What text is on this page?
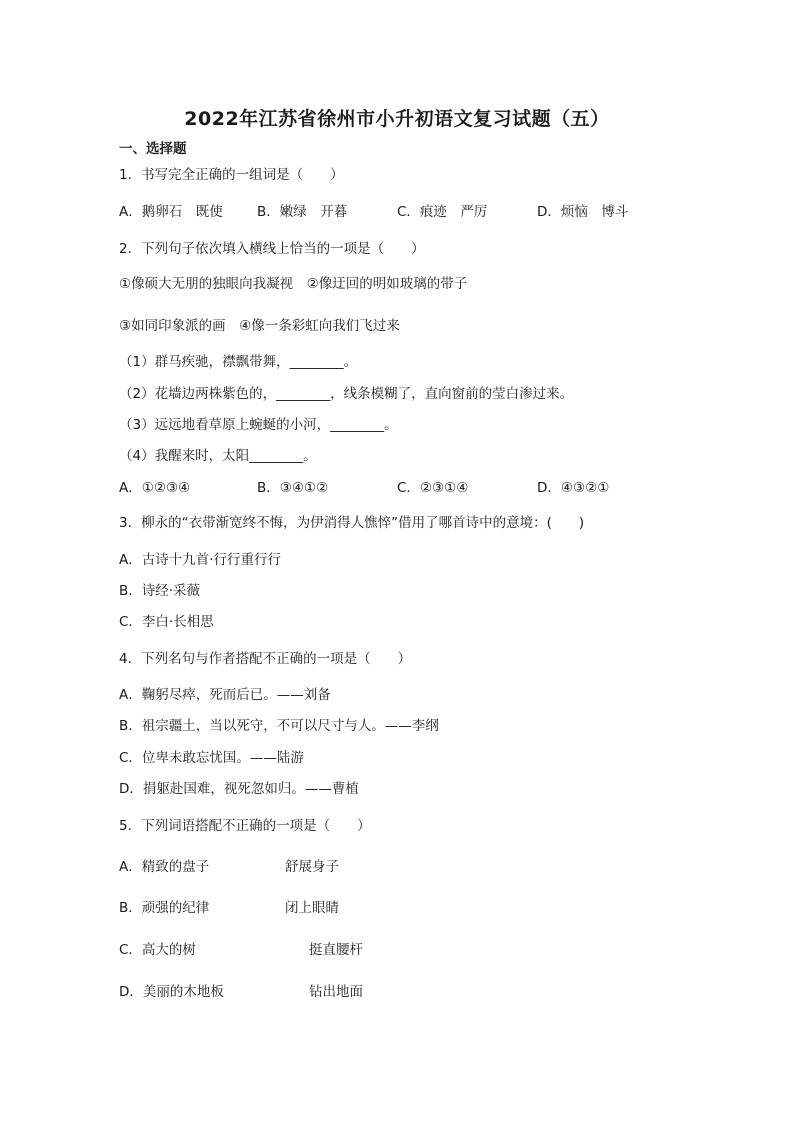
2022年江苏省徐州市小升初语文复习试题（五）
一、选择题
1．书写完全正确的一组词是（　　）
A．鹅卵石　既使	B．嫩绿　开暮	C．痕迹　严厉	D．烦恼　博斗
2．下列句子依次填入横线上恰当的一项是（　　）
①像硕大无朋的独眼向我凝视　②像迂回的明如玻璃的带子
③如同印象派的画　④像一条彩虹向我们飞过来
（1）群马疾驰，襟飘带舞，________。
（2）花墙边两株紫色的，________，线条模糊了，直向窗前的莹白渗过来。
（3）远远地看草原上蜿蜒的小河，________。
（4）我醒来时，太阳________。
A．①②③④	B．③④①②	C．②③①④	D．④③②①
3．柳永的“衣带渐宽终不悔，为伊消得人憔悴”借用了哪首诗中的意境：(　　)
A．古诗十九首·行行重行行
B．诗经·采薇
C．李白·长相思
4．下列名句与作者搭配不正确的一项是（　　）
A．鞠躬尽瘁，死而后已。——刘备
B．祖宗疆土，当以死守，不可以尺寸与人。——李纲
C．位卑未敢忘忧国。——陆游
D．捐躯赴国难，视死忽如归。——曹植
5．下列词语搭配不正确的一项是（　　）
A．精致的盘子	舒展身子
B．顽强的纪律	闭上眼睛
C．高大的树	挺直腰杆
D．美丽的木地板	钻出地面
